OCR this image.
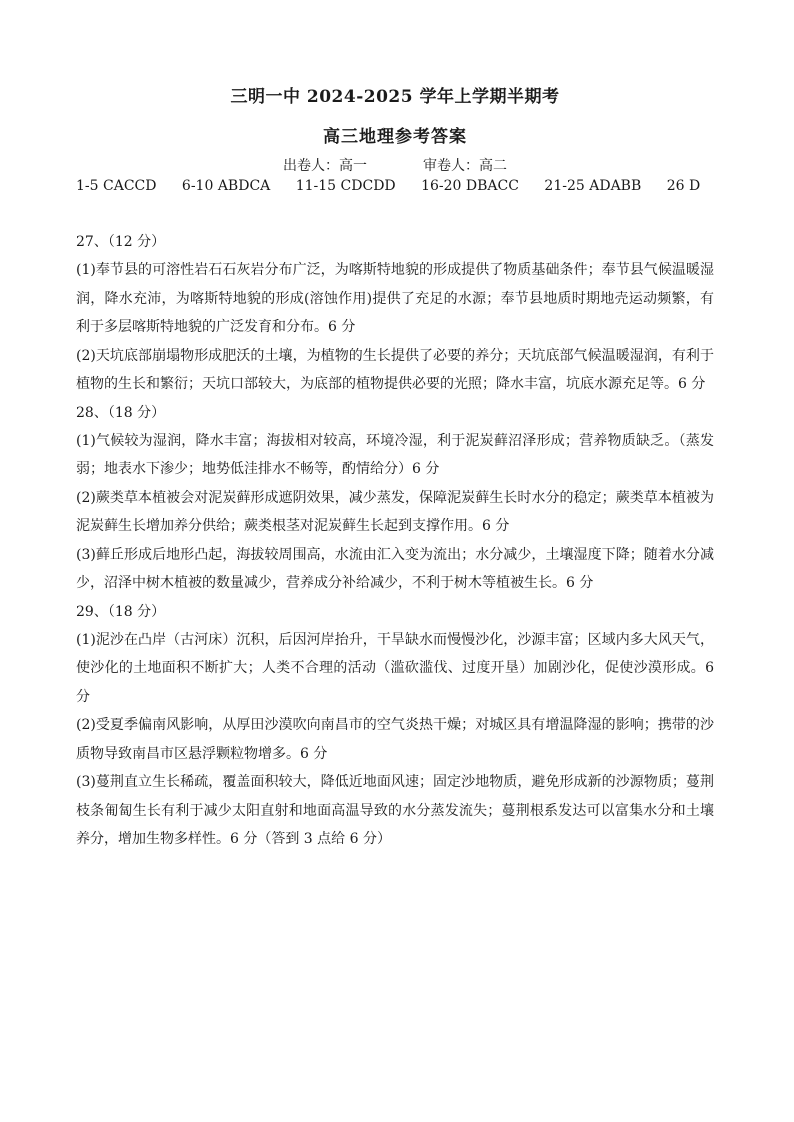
三明一中 2024-2025 学年上学期半期考

高三地理参考答案

出卷人：高一	审卷人：高二
1-5 CACCD 6-10 ABDCA 11-15 CDCDD 16-20 DBACC 21-25 ADABB 26 D

27、（12 分）

(1)奉节县的可溶性岩石石灰岩分布广泛，为喀斯特地貌的形成提供了物质基础条件；奉节县气候温暖湿润，降水充沛，为喀斯特地貌的形成(溶蚀作用)提供了充足的水源；奉节县地质时期地壳运动频繁，有利于多层喀斯特地貌的广泛发育和分布。6 分

(2)天坑底部崩塌物形成肥沃的土壤，为植物的生长提供了必要的养分；天坑底部气候温暖湿润，有利于植物的生长和繁衍；天坑口部较大，为底部的植物提供必要的光照；降水丰富，坑底水源充足等。6 分

28、（18 分）

(1)气候较为湿润，降水丰富；海拔相对较高，环境冷湿，利于泥炭藓沼泽形成；营养物质缺乏。（蒸发弱；地表水下渗少；地势低洼排水不畅等，酌情给分）6 分

(2)蕨类草本植被会对泥炭藓形成遮阴效果，减少蒸发，保障泥炭藓生长时水分的稳定；蕨类草本植被为泥炭藓生长增加养分供给；蕨类根茎对泥炭藓生长起到支撑作用。6 分

(3)藓丘形成后地形凸起，海拔较周围高，水流由汇入变为流出；水分减少，土壤湿度下降；随着水分减少，沼泽中树木植被的数量减少，营养成分补给减少，不利于树木等植被生长。6 分

29、（18 分）

(1)泥沙在凸岸（古河床）沉积，后因河岸抬升，干旱缺水而慢慢沙化，沙源丰富；区域内多大风天气，使沙化的土地面积不断扩大；人类不合理的活动（滥砍滥伐、过度开垦）加剧沙化，促使沙漠形成。6 分

(2)受夏季偏南风影响，从厚田沙漠吹向南昌市的空气炎热干燥；对城区具有增温降湿的影响；携带的沙质物导致南昌市区悬浮颗粒物增多。6 分

(3)蔓荆直立生长稀疏，覆盖面积较大，降低近地面风速；固定沙地物质，避免形成新的沙源物质；蔓荆枝条匍匐生长有利于减少太阳直射和地面高温导致的水分蒸发流失；蔓荆根系发达可以富集水分和土壤养分，增加生物多样性。6 分（答到 3 点给 6 分）
